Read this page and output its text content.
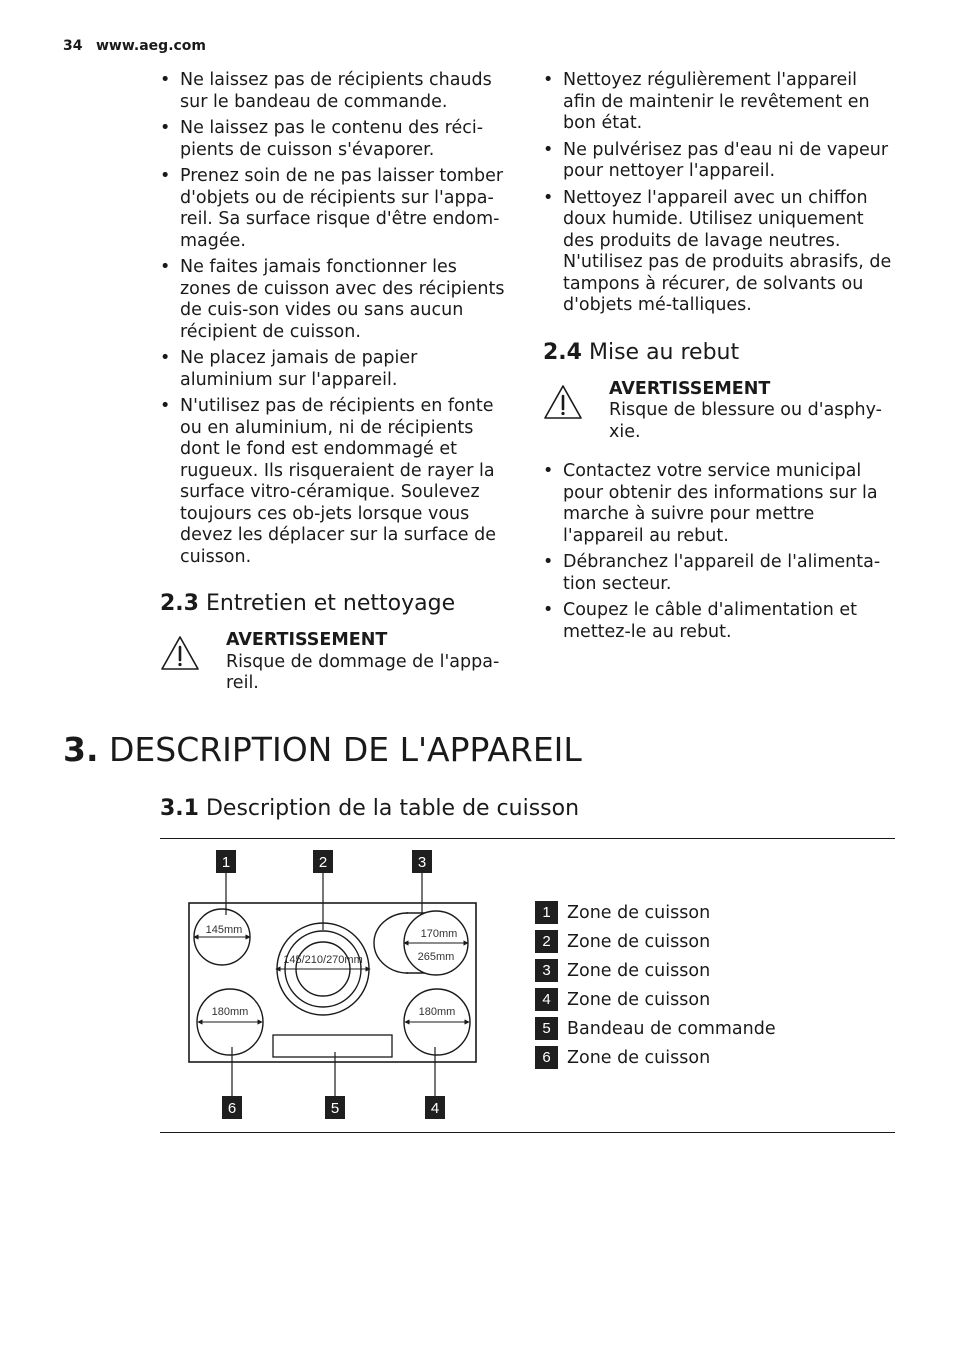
34 www.aeg.com
• Ne laissez pas de récipients chauds sur le bandeau de commande.
• Ne laissez pas le contenu des réci-pients de cuisson s'évaporer.
• Prenez soin de ne pas laisser tomber d'objets ou de récipients sur l'appa-reil. Sa surface risque d'être endom-magée.
• Ne faites jamais fonctionner les zones de cuisson avec des récipients de cuis-son vides ou sans aucun récipient de cuisson.
• Ne placez jamais de papier aluminium sur l'appareil.
• N'utilisez pas de récipients en fonte ou en aluminium, ni de récipients dont le fond est endommagé et rugueux. Ils risqueraient de rayer la surface vitro-céramique. Soulevez toujours ces ob-jets lorsque vous devez les déplacer sur la surface de cuisson.
2.3 Entretien et nettoyage
AVERTISSEMENT
Risque de dommage de l'appa-reil.
• Nettoyez régulièrement l'appareil afin de maintenir le revêtement en bon état.
• Ne pulvérisez pas d'eau ni de vapeur pour nettoyer l'appareil.
• Nettoyez l'appareil avec un chiffon doux humide. Utilisez uniquement des produits de lavage neutres. N'utilisez pas de produits abrasifs, de tampons à récurer, de solvants ou d'objets mé-talliques.
2.4 Mise au rebut
AVERTISSEMENT
Risque de blessure ou d'asphy-xie.
• Contactez votre service municipal pour obtenir des informations sur la marche à suivre pour mettre l'appareil au rebut.
• Débranchez l'appareil de l'alimenta-tion secteur.
• Coupez le câble d'alimentation et mettez-le au rebut.
3. DESCRIPTION DE L'APPAREIL
3.1 Description de la table de cuisson
1	2	3
6	5	4
145mm
145/210/270mm
170mm
265mm
180mm	180mm
1 Zone de cuisson
2 Zone de cuisson
3 Zone de cuisson
4 Zone de cuisson
5 Bandeau de commande
6 Zone de cuisson
